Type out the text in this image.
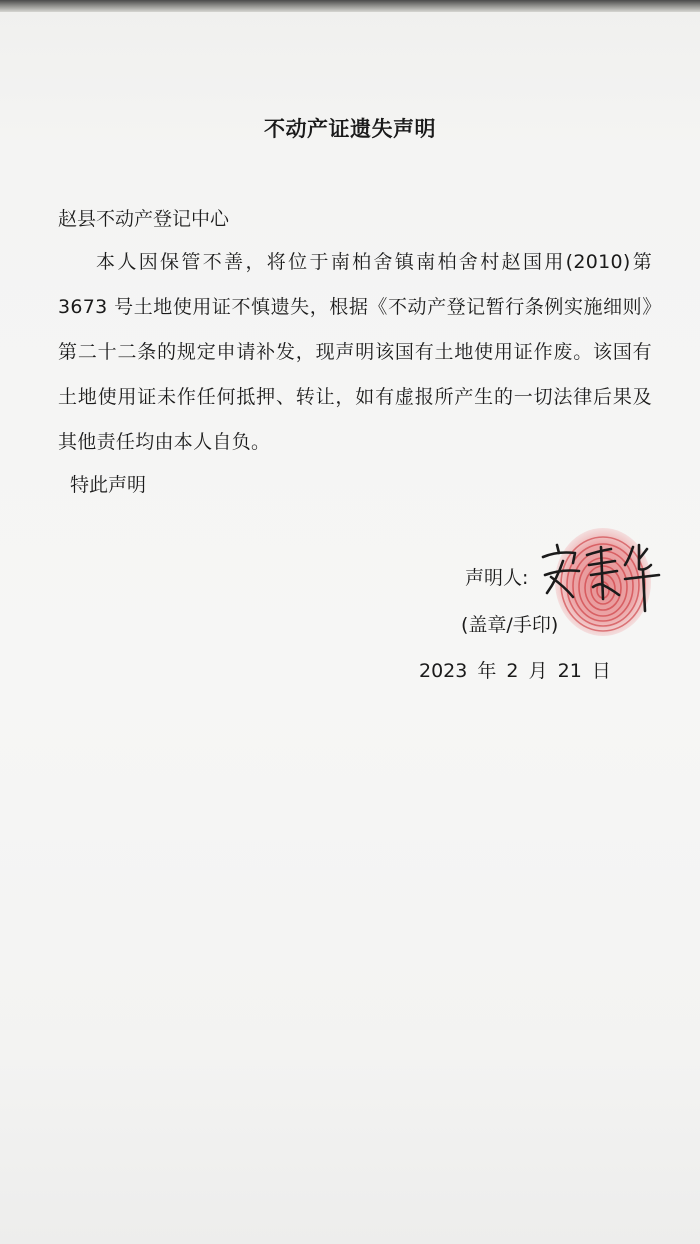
不动产证遗失声明
赵县不动产登记中心
本人因保管不善，将位于南柏舍镇南柏舍村赵国用(2010)第3673 号土地使用证不慎遗失，根据《不动产登记暂行条例实施细则》第二十二条的规定申请补发，现声明该国有土地使用证作废。该国有土地使用证未作任何抵押、转让，如有虚报所产生的一切法律后果及其他责任均由本人自负。
特此声明
声明人:
(盖章/手印)
2023 年 2 月 21 日
